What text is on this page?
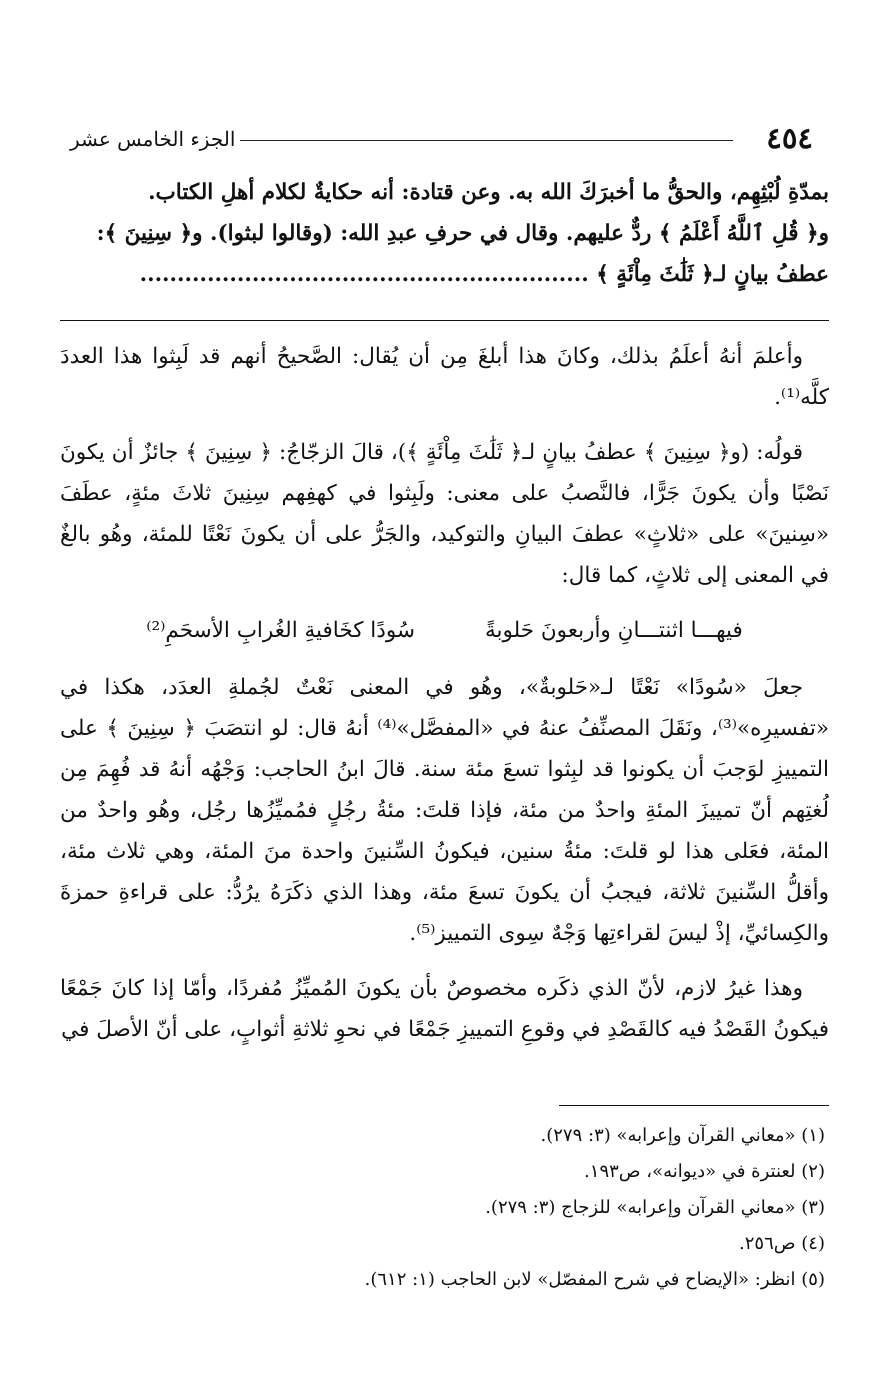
٤٥٤
الجزء الخامس عشر

بمدّةِ لُبْثِهِم، والحقُّ ما أخبرَكَ الله به. وعن قتادة: أنه حكايةٌ لكلام أهلِ الكتاب.

و﴿ قُلِ ٱللَّهُ أَعْلَمُ ﴾ ردٌّ عليهم. وقال في حرفِ عبدِ الله: (وقالوا لبثوا). و﴿ سِنِينَ ﴾:

عطفُ بيانٍ لـ﴿ ثَلَٰثَ مِاْئَةٍ ﴾ ............................................................

وأعلمَ أنهُ أعلَمُ بذلك، وكانَ هذا أبلغَ مِن أن يُقال: الصَّحيحُ أنهم قد لَبِثوا هذا العددَ كلَّه⁽¹⁾.

قولُه: (و﴿ سِنِينَ ﴾ عطفُ بيانٍ لـ﴿ ثَلَٰثَ مِاْئَةٍ ﴾)، قالَ الزجّاجُ: ﴿ سِنِينَ ﴾ جائزٌ أن يكونَ نَصْبًا وأن يكونَ جَرًّا، فالنَّصبُ على معنى: ولَبِثوا في كهفِهم سِنِينَ ثلاثَ مئةٍ، عطَفَ «سِنينَ» على «ثلاثٍ» عطفَ البيانِ والتوكيد، والجَرُّ على أن يكونَ نَعْتًا للمئة، وهُو بالغٌ في المعنى إلى ثلاثٍ، كما قال:

فيهـــا اثنتـــانِ وأربعونَ حَلوبةً
سُودًا كخَافيةِ الغُرابِ الأسحَمِ⁽²⁾

جعلَ «سُودًا» نَعْتًا لـ«حَلوبةٌ»، وهُو في المعنى نَعْتٌ لجُملةِ العدَد، هكذا في «تفسيرِه»⁽³⁾، ونَقَلَ المصنِّفُ عنهُ في «المفصَّل»⁽⁴⁾ أنهُ قال: لو انتصَبَ ﴿ سِنِينَ ﴾ على التمييزِ لوَجبَ أن يكونوا قد لبِثوا تسعَ مئة سنة. قالَ ابنُ الحاجب: وَجْهُه أنهُ قد فُهِمَ مِن لُغتِهم أنّ تمييزَ المئةِ واحدٌ من مئة، فإذا قلتَ: مئةُ رجُلٍ فمُميِّزُها رجُل، وهُو واحدٌ من المئة، فعَلى هذا لو قلتَ: مئةُ سنين، فيكونُ السِّنينَ واحدة منَ المئة، وهي ثلاث مئة، وأقلُّ السِّنينَ ثلاثة، فيجبُ أن يكونَ تسعَ مئة، وهذا الذي ذكَرَهُ يرُدُّ: على قراءةِ حمزةَ والكِسائيِّ، إذْ ليسَ لقراءتِها وَجْهٌ سِوى التمييز⁽⁵⁾.

وهذا غيرُ لازم، لأنّ الذي ذكَره مخصوصٌ بأن يكونَ المُميِّزُ مُفردًا، وأمّا إذا كانَ جَمْعًا فيكونُ القَصْدُ فيه كالقَصْدِ في وقوعِ التمييزِ جَمْعًا في نحوِ ثلاثةِ أثوابٍ، على أنّ الأصلَ في

(١) «معاني القرآن وإعرابه» (٣: ٢٧٩).

(٢) لعنترة في «ديوانه»، ص١٩٣.

(٣) «معاني القرآن وإعرابه» للزجاج (٣: ٢٧٩).

(٤) ص٢٥٦.

(٥) انظر: «الإيضاح في شرح المفصّل» لابن الحاجب (١: ٦١٢).
